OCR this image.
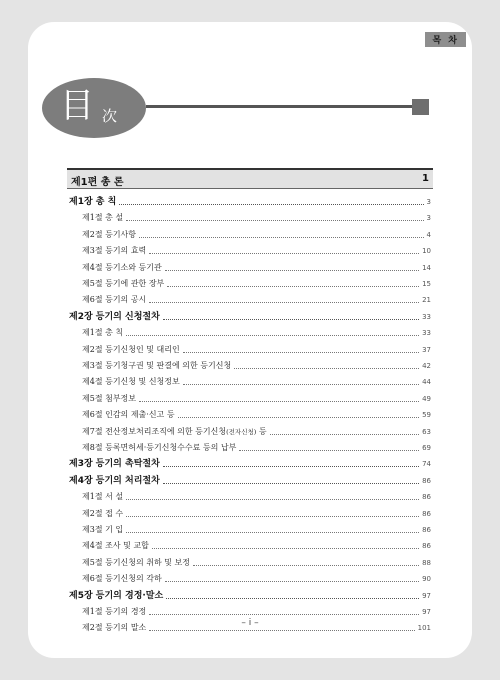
목 차
目 次
제1편 총 론	1
제1장 총 칙	3
제1절 총 설	3
제2절 등기사항	4
제3절 등기의 효력	10
제4절 등기소와 등기관	14
제5절 등기에 관한 장부	15
제6절 등기의 공시	21
제2장 등기의 신청절차	33
제1절 총 칙	33
제2절 등기신청인 및 대리인	37
제3절 등기청구권 및 판결에 의한 등기신청	42
제4절 등기신청 및 신청정보	44
제5절 첨부정보	49
제6절 인감의 제출·신고 등	59
제7절 전산정보처리조직에 의한 등기신청(전자신청) 등	63
제8절 등록면허세·등기신청수수료 등의 납부	69
제3장 등기의 촉탁절차	74
제4장 등기의 처리절차	86
제1절 서 설	86
제2절 접 수	86
제3절 기 입	86
제4절 조사 및 교합	86
제5절 등기신청의 취하 및 보정	88
제6절 등기신청의 각하	90
제5장 등기의 경정·말소	97
제1절 등기의 경정	97
제2절 등기의 말소	101
– i –
